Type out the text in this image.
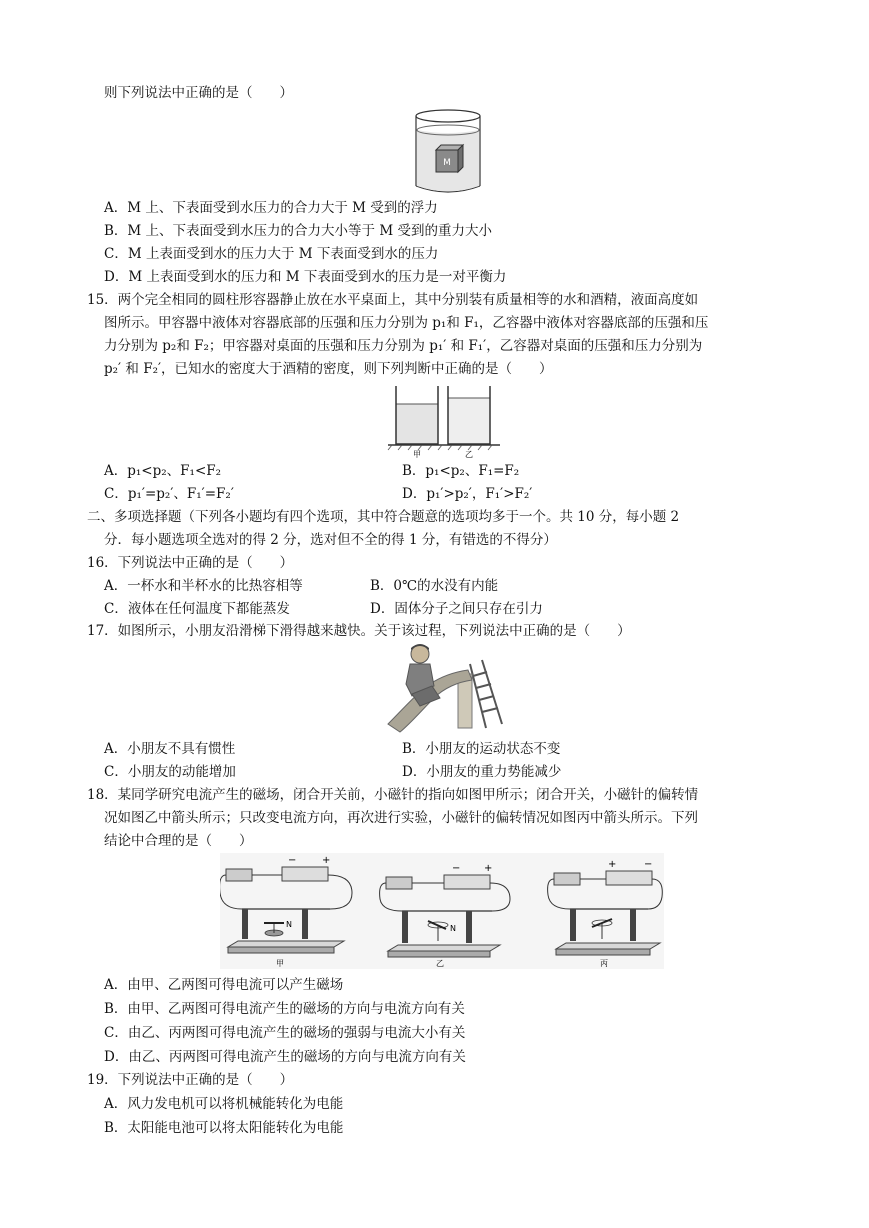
则下列说法中正确的是（　　）
M
A．M 上、下表面受到水压力的合力大于 M 受到的浮力
B．M 上、下表面受到水压力的合力大小等于 M 受到的重力大小
C．M 上表面受到水的压力大于 M 下表面受到水的压力
D．M 上表面受到水的压力和 M 下表面受到水的压力是一对平衡力
15．两个完全相同的圆柱形容器静止放在水平桌面上，其中分别装有质量相等的水和酒精，液面高度如
图所示。甲容器中液体对容器底部的压强和压力分别为 p₁和 F₁，乙容器中液体对容器底部的压强和压
力分别为 p₂和 F₂；甲容器对桌面的压强和压力分别为 p₁′ 和 F₁′，乙容器对桌面的压强和压力分别为
p₂′ 和 F₂′，已知水的密度大于酒精的密度，则下列判断中正确的是（　　）
甲	乙
A．p₁<p₂、F₁<F₂	B．p₁<p₂、F₁=F₂
C．p₁′=p₂′、F₁′=F₂′	D．p₁′>p₂′，F₁′>F₂′
二、多项选择题（下列各小题均有四个选项，其中符合题意的选项均多于一个。共 10 分，每小题 2
分．每小题选项全选对的得 2 分，选对但不全的得 1 分，有错选的不得分）
16．下列说法中正确的是（　　）
A．一杯水和半杯水的比热容相等	B．0℃的水没有内能
C．液体在任何温度下都能蒸发	D．固体分子之间只存在引力
17．如图所示，小朋友沿滑梯下滑得越来越快。关于该过程，下列说法中正确的是（　　）
A．小朋友不具有惯性	B．小朋友的运动状态不变
C．小朋友的动能增加	D．小朋友的重力势能减少
18．某同学研究电流产生的磁场，闭合开关前，小磁针的指向如图甲所示；闭合开关，小磁针的偏转情
况如图乙中箭头所示；只改变电流方向，再次进行实验，小磁针的偏转情况如图丙中箭头所示。下列
结论中合理的是（　　）
−	+
N
甲
− +
N
乙
+	−
丙
A．由甲、乙两图可得电流可以产生磁场
B．由甲、乙两图可得电流产生的磁场的方向与电流方向有关
C．由乙、丙两图可得电流产生的磁场的强弱与电流大小有关
D．由乙、丙两图可得电流产生的磁场的方向与电流方向有关
19．下列说法中正确的是（　　）
A．风力发电机可以将机械能转化为电能
B．太阳能电池可以将太阳能转化为电能
